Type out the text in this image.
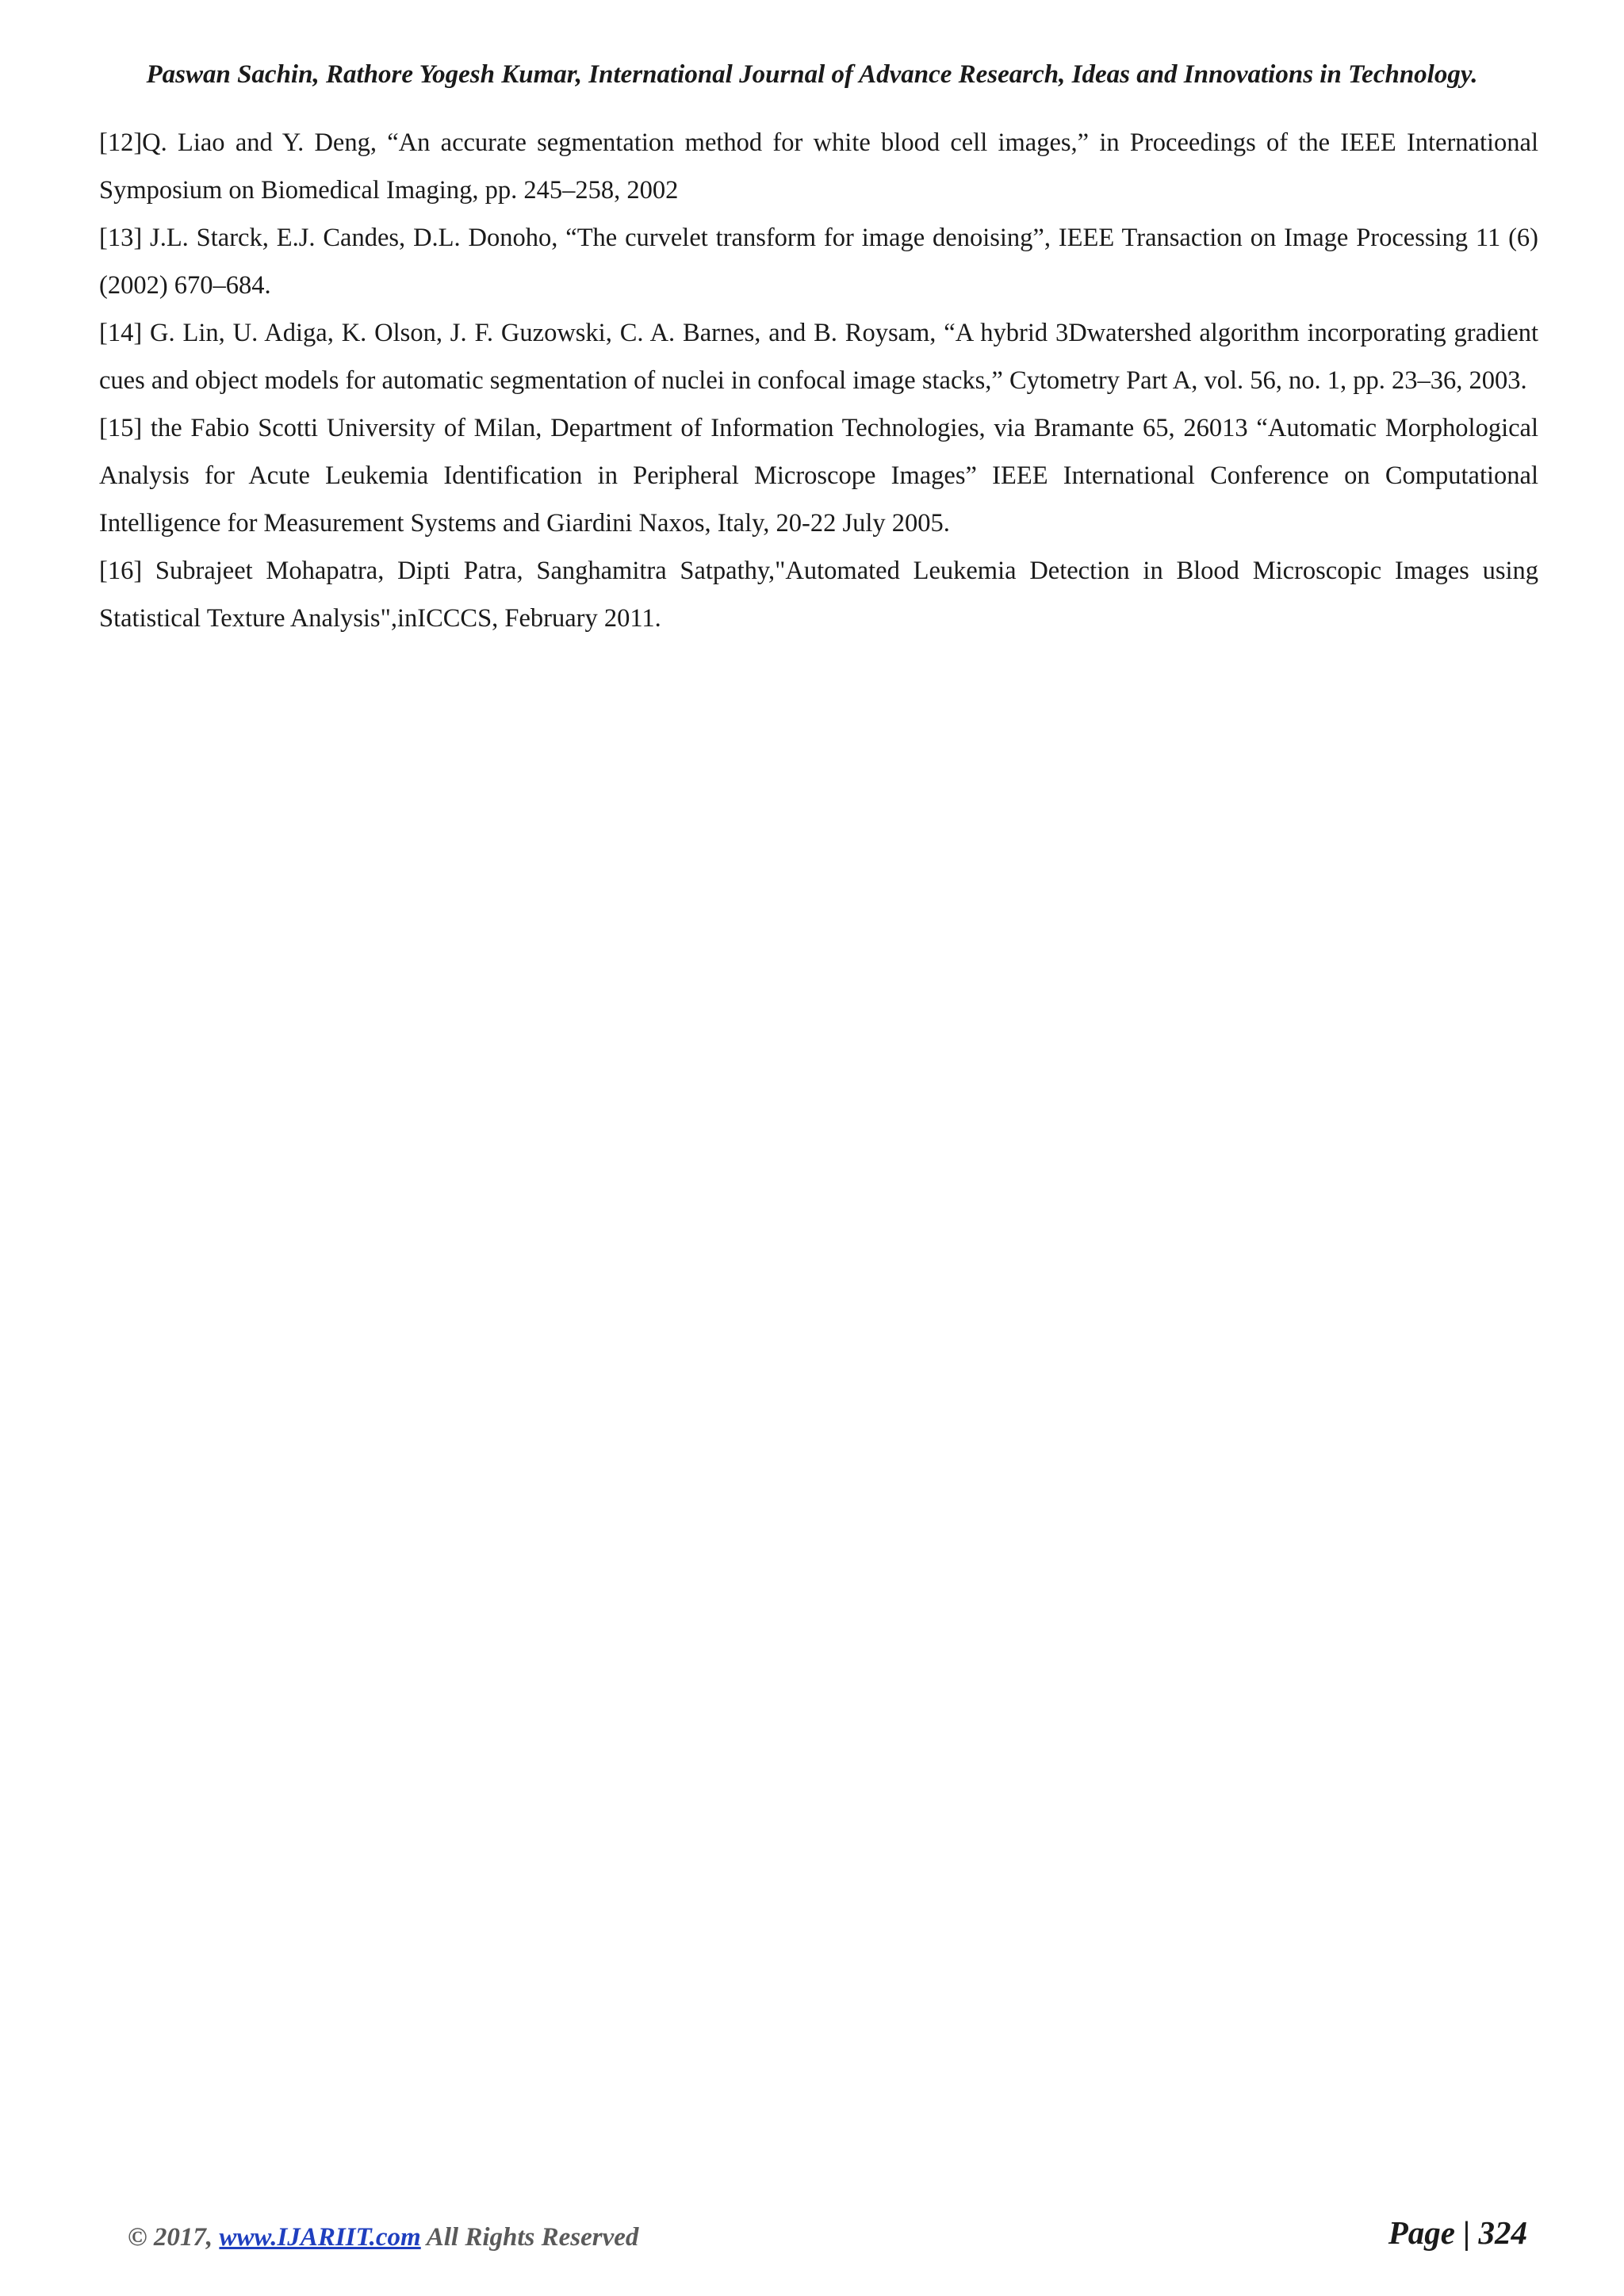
Paswan Sachin, Rathore Yogesh Kumar, International Journal of Advance Research, Ideas and Innovations in Technology.

[12]Q. Liao and Y. Deng, “An accurate segmentation method for white blood cell images,” in Proceedings of the IEEE International Symposium on Biomedical Imaging, pp. 245–258, 2002

[13] J.L. Starck, E.J. Candes, D.L. Donoho, “The curvelet transform for image denoising”, IEEE Transaction on Image Processing 11 (6) (2002) 670–684.

[14] G. Lin, U. Adiga, K. Olson, J. F. Guzowski, C. A. Barnes, and B. Roysam, “A hybrid 3Dwatershed algorithm incorporating gradient cues and object models for automatic segmentation of nuclei in confocal image stacks,” Cytometry Part A, vol. 56, no. 1, pp. 23–36, 2003.

[15] the Fabio Scotti University of Milan, Department of Information Technologies, via Bramante 65, 26013 “Automatic Morphological Analysis for Acute Leukemia Identification in Peripheral Microscope Images” IEEE International Conference on Computational Intelligence for Measurement Systems and Giardini Naxos, Italy, 20-22 July 2005.

[16] Subrajeet Mohapatra, Dipti Patra, Sanghamitra Satpathy,"Automated Leukemia Detection in Blood Microscopic Images using Statistical Texture Analysis",inICCCS, February 2011.

© 2017, www.IJARIIT.com All Rights Reserved	Page | 324
